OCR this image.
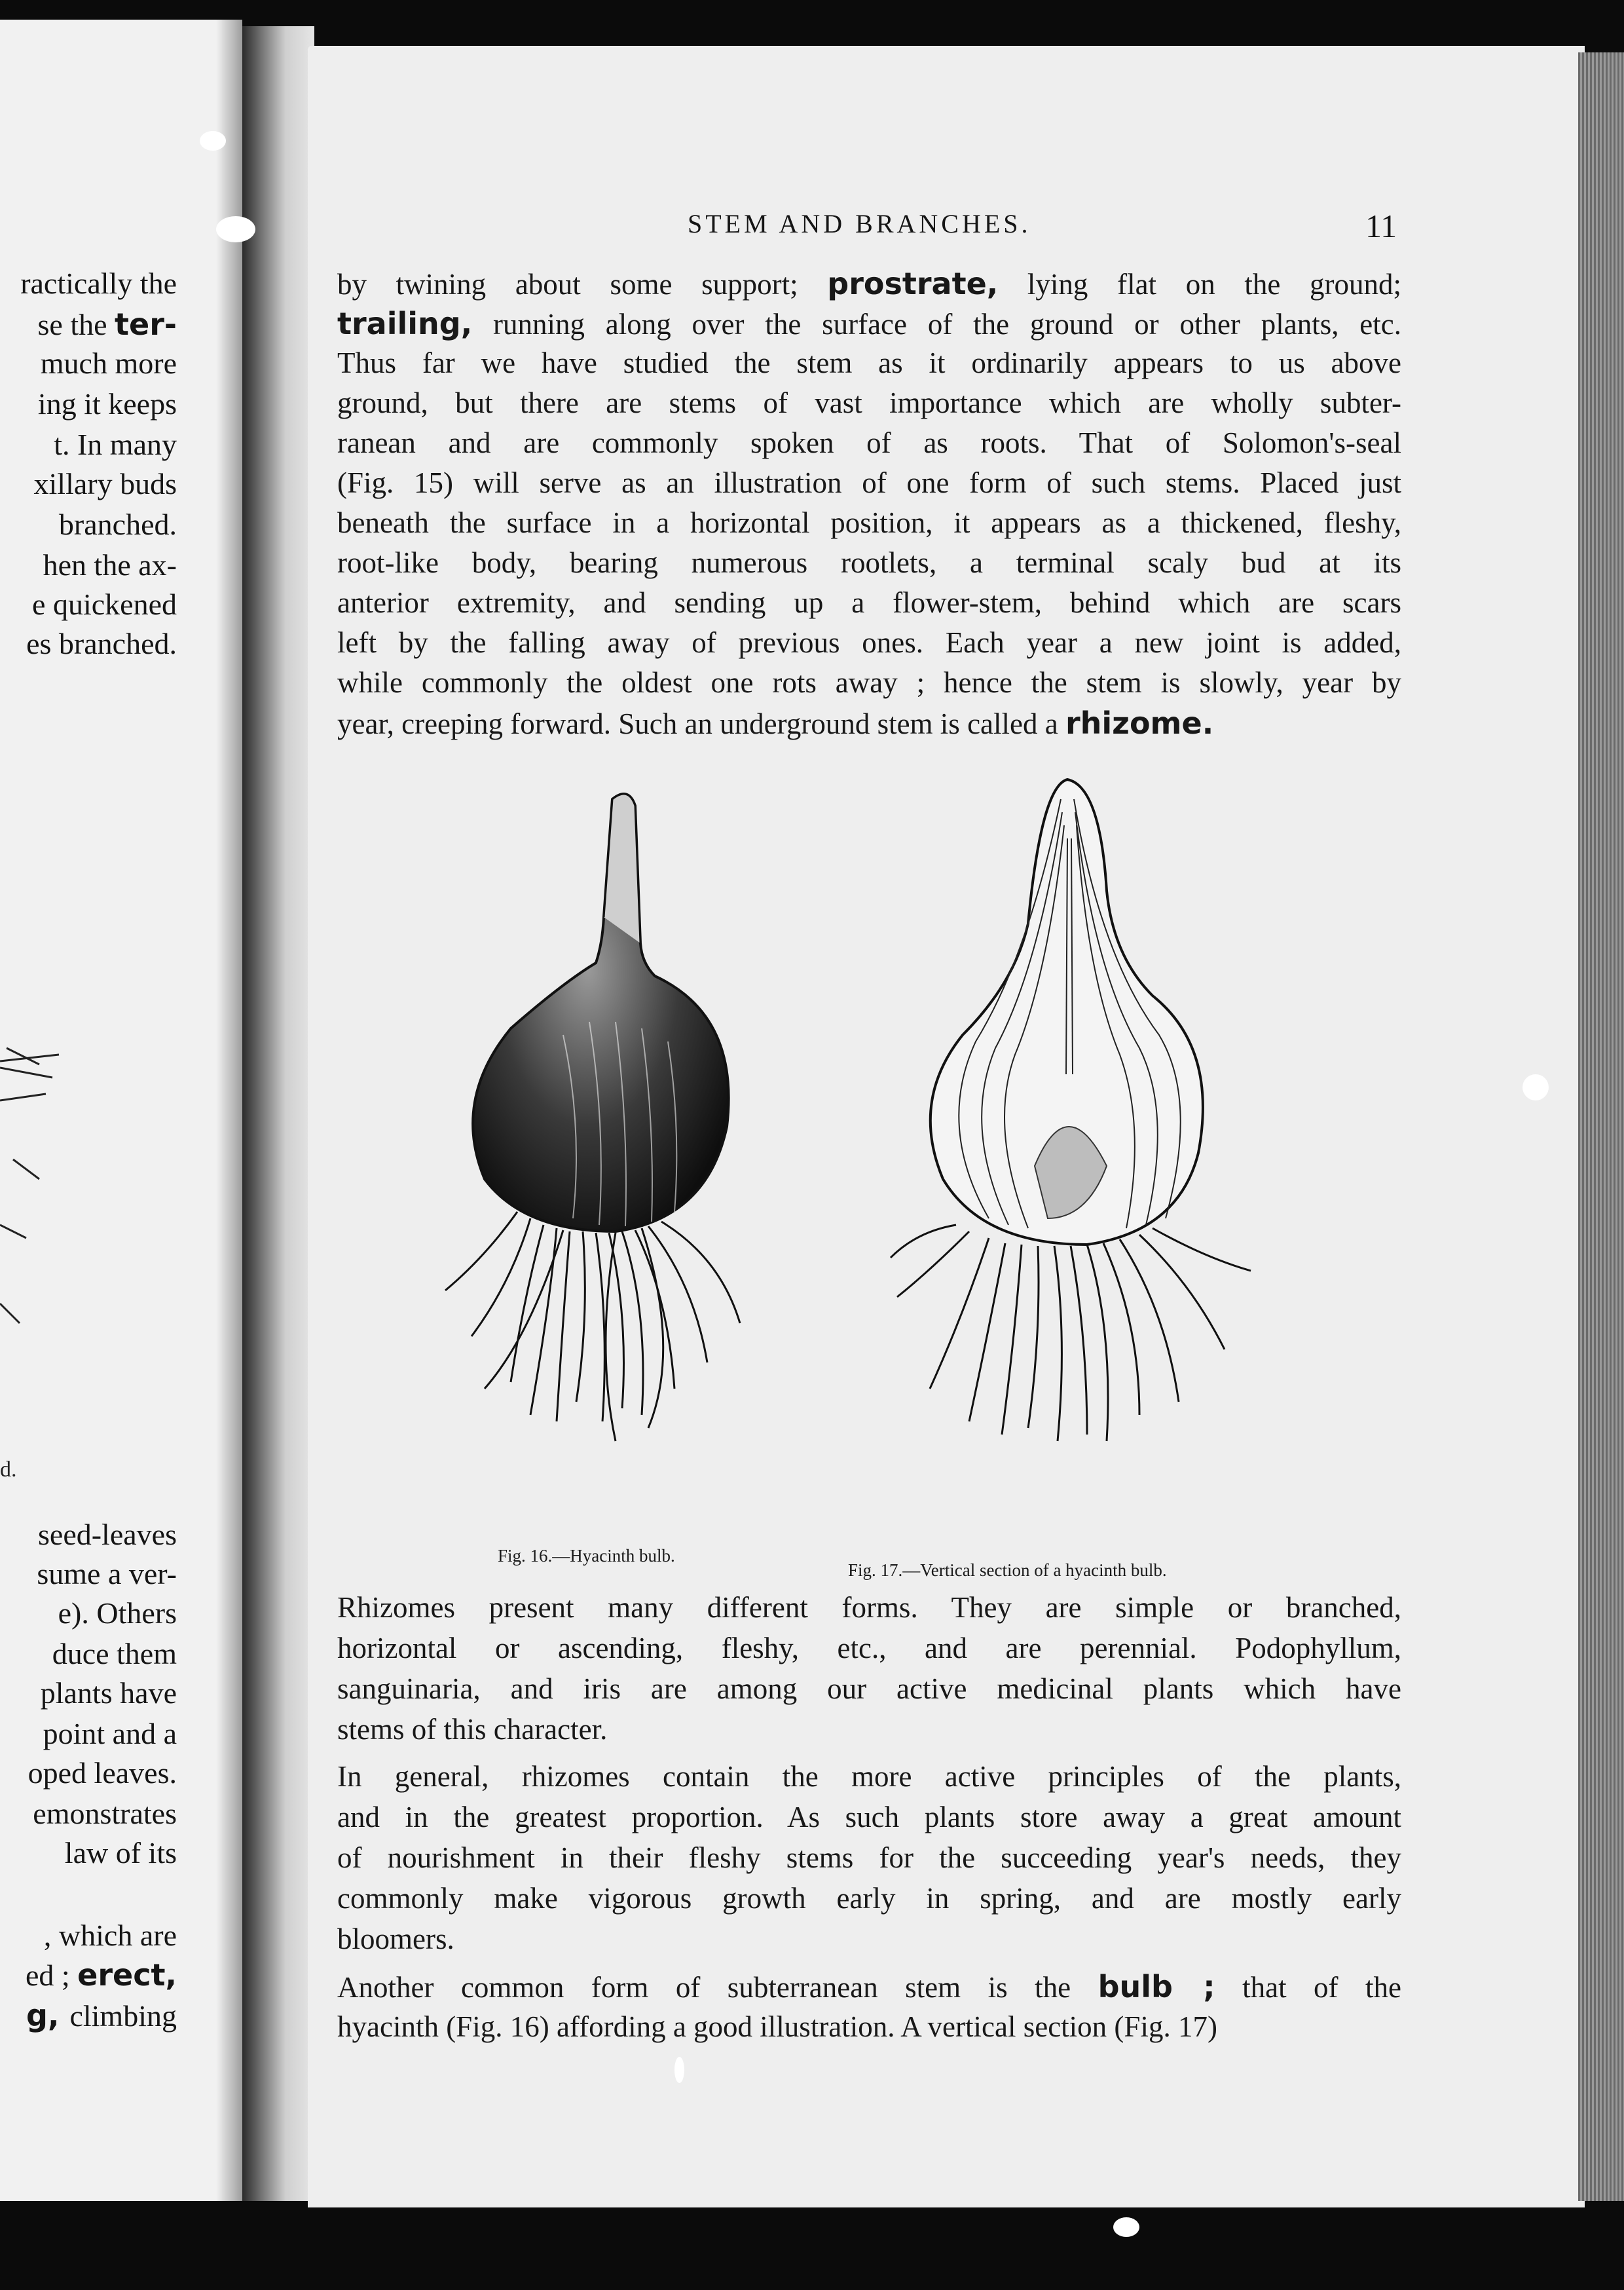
ractically the
se the ter-
much more
ing it keeps
t. In many
xillary buds
branched.
hen the ax-
e quickened
es branched.
seed-leaves
sume a ver-
e). Others
duce them
plants have
point and a
oped leaves.
emonstrates
law of its
, which are
ed ; erect,
g, climbing
d.
STEM AND BRANCHES.	11
by twining about some support; prostrate, lying flat on the ground;
trailing, running along over the surface of the ground or other plants, etc.
Thus far we have studied the stem as it ordinarily appears to us above
ground, but there are stems of vast importance which are wholly subter-
ranean and are commonly spoken of as roots. That of Solomon's-seal
(Fig. 15) will serve as an illustration of one form of such stems. Placed just
beneath the surface in a horizontal position, it appears as a thickened, fleshy,
root-like body, bearing numerous rootlets, a terminal scaly bud at its
anterior extremity, and sending up a flower-stem, behind which are scars
left by the falling away of previous ones. Each year a new joint is added,
while commonly the oldest one rots away ; hence the stem is slowly, year by
year, creeping forward. Such an underground stem is called a rhizome.
Fig. 16.—Hyacinth bulb.
Fig. 17.—Vertical section of a hyacinth bulb.
Rhizomes present many different forms. They are simple or branched,
horizontal or ascending, fleshy, etc., and are perennial. Podophyllum,
sanguinaria, and iris are among our active medicinal plants which have
stems of this character.
In general, rhizomes contain the more active principles of the plants,
and in the greatest proportion. As such plants store away a great amount
of nourishment in their fleshy stems for the succeeding year's needs, they
commonly make vigorous growth early in spring, and are mostly early
bloomers.
Another common form of subterranean stem is the bulb ; that of the
hyacinth (Fig. 16) affording a good illustration. A vertical section (Fig. 17)
